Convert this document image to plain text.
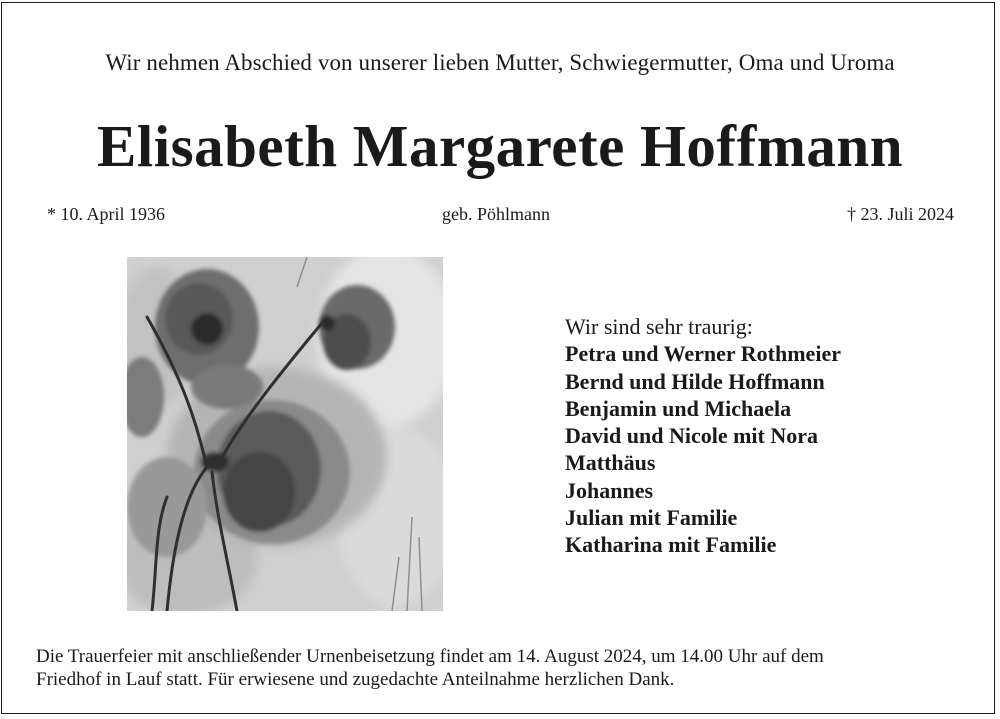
Wir nehmen Abschied von unserer lieben Mutter, Schwiegermutter, Oma und Uroma
Elisabeth Margarete Hoffmann
* 10. April 1936	geb. Pöhlmann	† 23. Juli 2024
Wir sind sehr traurig:
Petra und Werner Rothmeier
Bernd und Hilde Hoffmann
Benjamin und Michaela
David und Nicole mit Nora
Matthäus
Johannes
Julian mit Familie
Katharina mit Familie
Die Trauerfeier mit anschließender Urnenbeisetzung findet am 14. August 2024, um 14.00 Uhr auf dem
Friedhof in Lauf statt. Für erwiesene und zugedachte Anteilnahme herzlichen Dank.
